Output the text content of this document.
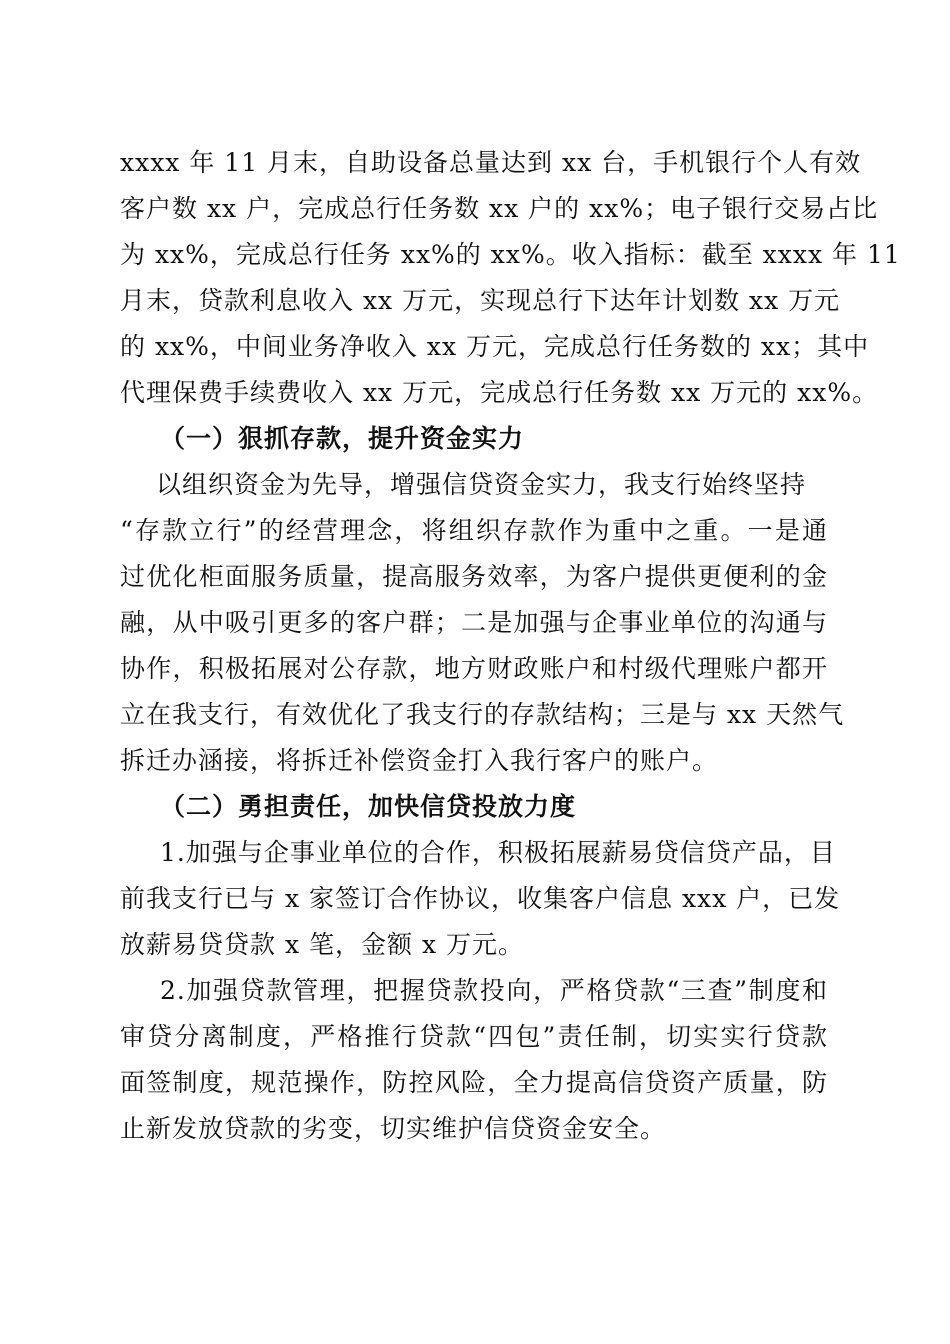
xxxx 年 11 月末，自助设备总量达到 xx 台，手机银行个人有效
客户数 xx 户，完成总行任务数 xx 户的 xx%；电子银行交易占比
为 xx%，完成总行任务 xx%的 xx%。收入指标：截至 xxxx 年 11
月末，贷款利息收入 xx 万元，实现总行下达年计划数 xx 万元
的 xx%，中间业务净收入 xx 万元，完成总行任务数的 xx；其中
代理保费手续费收入 xx 万元，完成总行任务数 xx 万元的 xx%。
（一）狠抓存款，提升资金实力
以组织资金为先导，增强信贷资金实力，我支行始终坚持
“存款立行”的经营理念，将组织存款作为重中之重。一是通
过优化柜面服务质量，提高服务效率，为客户提供更便利的金
融，从中吸引更多的客户群；二是加强与企事业单位的沟通与
协作，积极拓展对公存款，地方财政账户和村级代理账户都开
立在我支行，有效优化了我支行的存款结构；三是与 xx 天然气
拆迁办涵接，将拆迁补偿资金打入我行客户的账户。
（二）勇担责任，加快信贷投放力度
1.加强与企事业单位的合作，积极拓展薪易贷信贷产品，目
前我支行已与 x 家签订合作协议，收集客户信息 xxx 户，已发
放薪易贷贷款 x 笔，金额 x 万元。
2.加强贷款管理，把握贷款投向，严格贷款“三查”制度和
审贷分离制度，严格推行贷款“四包”责任制，切实实行贷款
面签制度，规范操作，防控风险，全力提高信贷资产质量，防
止新发放贷款的劣变，切实维护信贷资金安全。
